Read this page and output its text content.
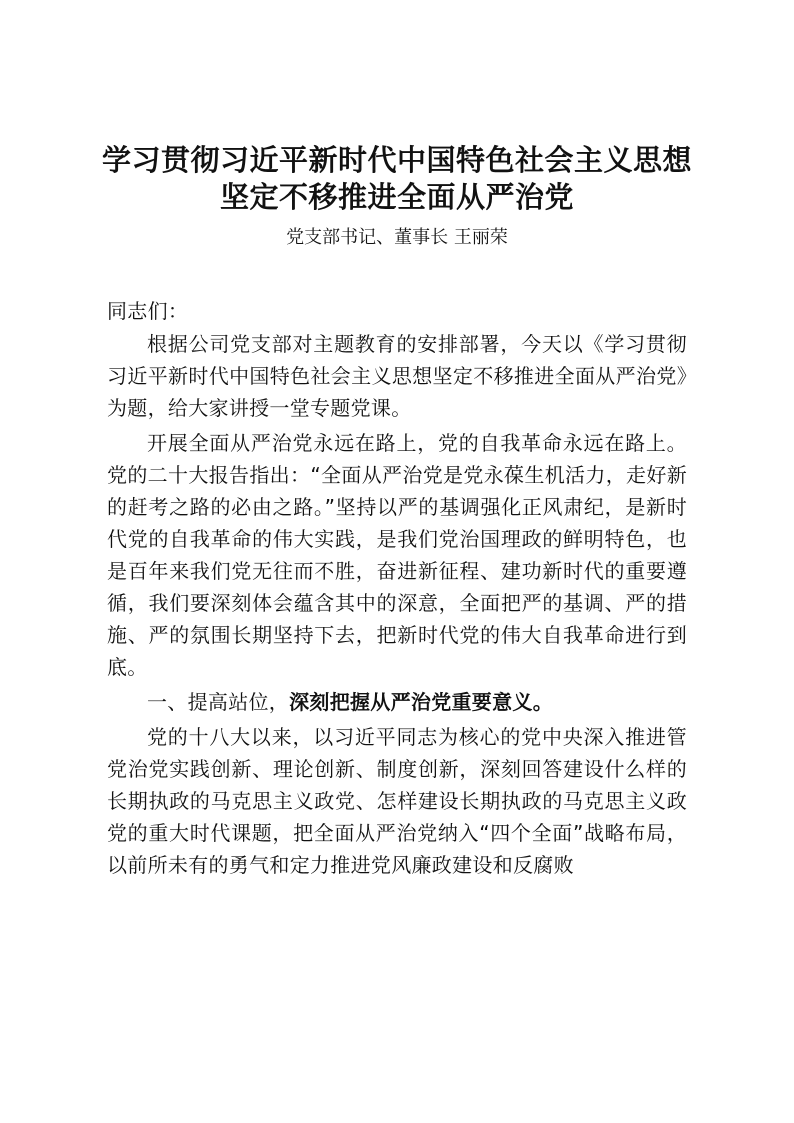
学习贯彻习近平新时代中国特色社会主义思想
坚定不移推进全面从严治党

党支部书记、董事长 王丽荣

同志们：

根据公司党支部对主题教育的安排部署，今天以《学习贯彻习近平新时代中国特色社会主义思想坚定不移推进全面从严治党》为题，给大家讲授一堂专题党课。

开展全面从严治党永远在路上，党的自我革命永远在路上。党的二十大报告指出：“全面从严治党是党永葆生机活力，走好新的赶考之路的必由之路。”坚持以严的基调强化正风肃纪，是新时代党的自我革命的伟大实践，是我们党治国理政的鲜明特色，也是百年来我们党无往而不胜，奋进新征程、建功新时代的重要遵循，我们要深刻体会蕴含其中的深意，全面把严的基调、严的措施、严的氛围长期坚持下去，把新时代党的伟大自我革命进行到底。

一、提高站位，深刻把握从严治党重要意义。

党的十八大以来，以习近平同志为核心的党中央深入推进管党治党实践创新、理论创新、制度创新，深刻回答建设什么样的长期执政的马克思主义政党、怎样建设长期执政的马克思主义政党的重大时代课题，把全面从严治党纳入“四个全面”战略布局，以前所未有的勇气和定力推进党风廉政建设和反腐败
